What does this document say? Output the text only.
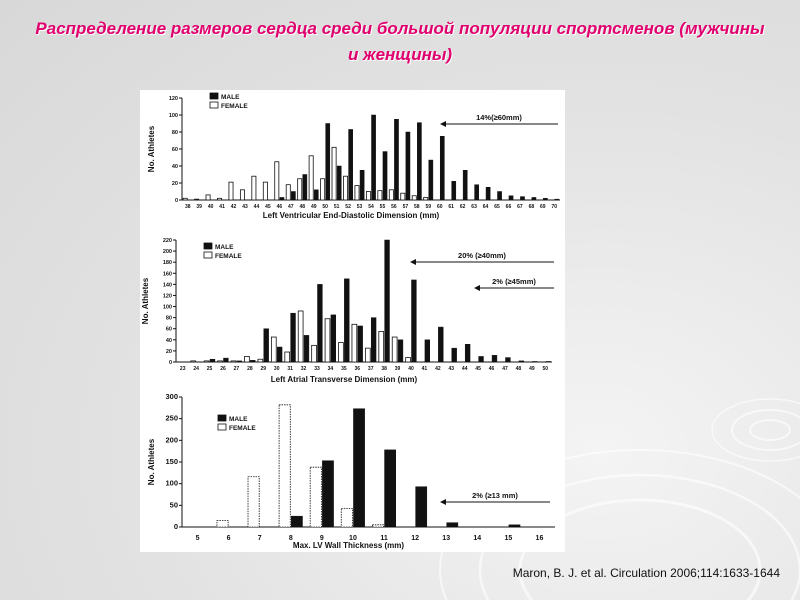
Распределение размеров сердца среди большой популяции спортсменов (мужчины и женщины)
0
20
40
60
80
100
120
38 39 40 41 42 43 44 45 46 47 48 49 50 51 52 53 54 55 56 57 58 59 60 61 62 63 64 65 66 67 68 69 70
Left Ventricular End-Diastolic Dimension (mm)
No. Athletes
MALE
FEMALE
14%(≥60mm)
0
20
40
60
80
100
120
140
160
180
200
220
23 24 25 26 27 28 29 30 31 32 33 34 35 36 37 38 39 40 41 42 43 44 45 46 47 48 49 50
Left Atrial Transverse Dimension (mm)
No. Athletes
MALE
FEMALE	20% (≥40mm)
2% (≥45mm)
0
50
100
150
200
250
300
5	6	7	8	9	10	11	12	13	14	15	16
Max. LV Wall Thickness (mm)
No. Athletes
MALE
FEMALE
2% (≥13 mm)
Maron, B. J. et al. Circulation 2006;114:1633-1644
